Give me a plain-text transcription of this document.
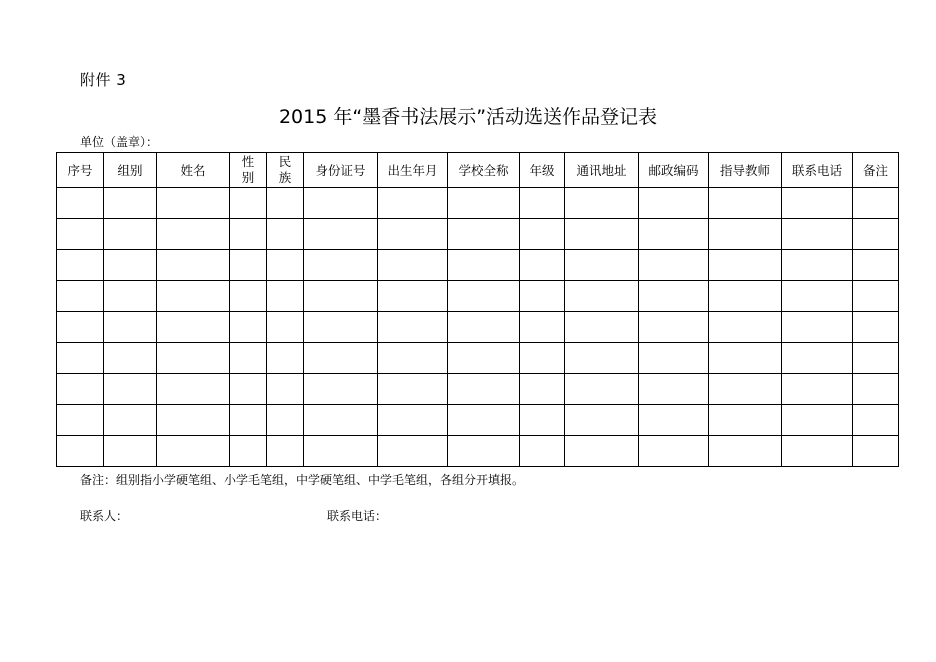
附件 3
2015 年“墨香书法展示”活动选送作品登记表
单位（盖章）：
序号	组别	姓名	性别	民族	身份证号	出生年月	学校全称	年级	通讯地址	邮政编码	指导教师	联系电话	备注

备注：组别指小学硬笔组、小学毛笔组，中学硬笔组、中学毛笔组，各组分开填报。
联系人：	联系电话：
